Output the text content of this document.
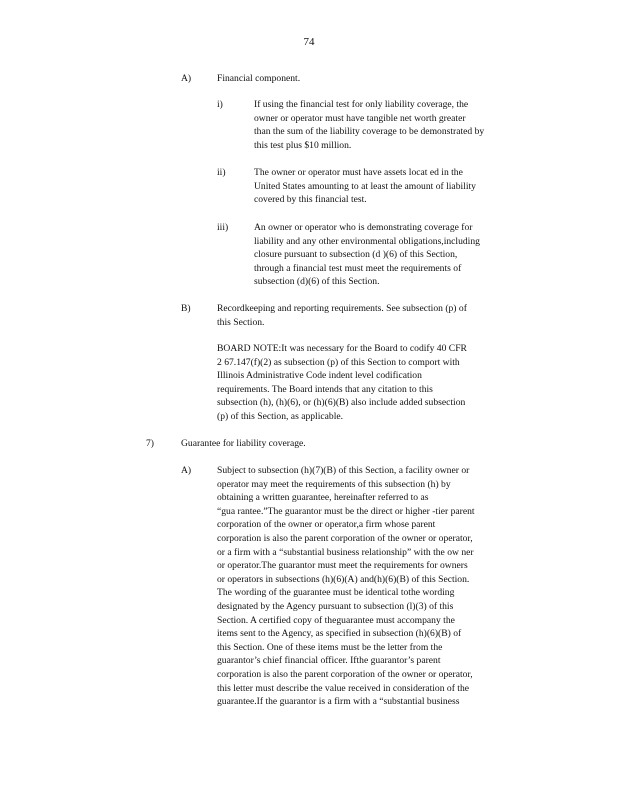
74
A)	Financial component.
i)	If using the financial test for only liability coverage, the
owner or operator must have tangible net worth greater
than the sum of the liability coverage to be demonstrated by
this test plus $10 million.
ii)	The owner or operator must have assets locat ed in the
United States amounting to at least the amount of liability
covered by this financial test.
iii)	An owner or operator who is demonstrating coverage for
liability and any other environmental obligations,including
closure pursuant to subsection (d )(6) of this Section,
through a financial test must meet the requirements of
subsection (d)(6) of this Section.
B)	Recordkeeping and reporting requirements. See subsection (p) of
this Section.
BOARD NOTE:It was necessary for the Board to codify 40 CFR
2 67.147(f)(2) as subsection (p) of this Section to comport with
Illinois Administrative Code indent level codification
requirements. The Board intends that any citation to this
subsection (h), (h)(6), or (h)(6)(B) also include added subsection
(p) of this Section, as applicable.
7)	Guarantee for liability coverage.
A)	Subject to subsection (h)(7)(B) of this Section, a facility owner or
operator may meet the requirements of this subsection (h) by
obtaining a written guarantee, hereinafter referred to as
“gua rantee.”The guarantor must be the direct or higher -tier parent
corporation of the owner or operator,a firm whose parent
corporation is also the parent corporation of the owner or operator,
or a firm with a “substantial business relationship” with the ow ner
or operator.The guarantor must meet the requirements for owners
or operators in subsections (h)(6)(A) and(h)(6)(B) of this Section.
The wording of the guarantee must be identical tothe wording
designated by the Agency pursuant to subsection (l)(3) of this
Section. A certified copy of theguarantee must accompany the
items sent to the Agency, as specified in subsection (h)(6)(B) of
this Section. One of these items must be the letter from the
guarantor’s chief financial officer. Ifthe guarantor’s parent
corporation is also the parent corporation of the owner or operator,
this letter must describe the value received in consideration of the
guarantee.If the guarantor is a firm with a “substantial business
